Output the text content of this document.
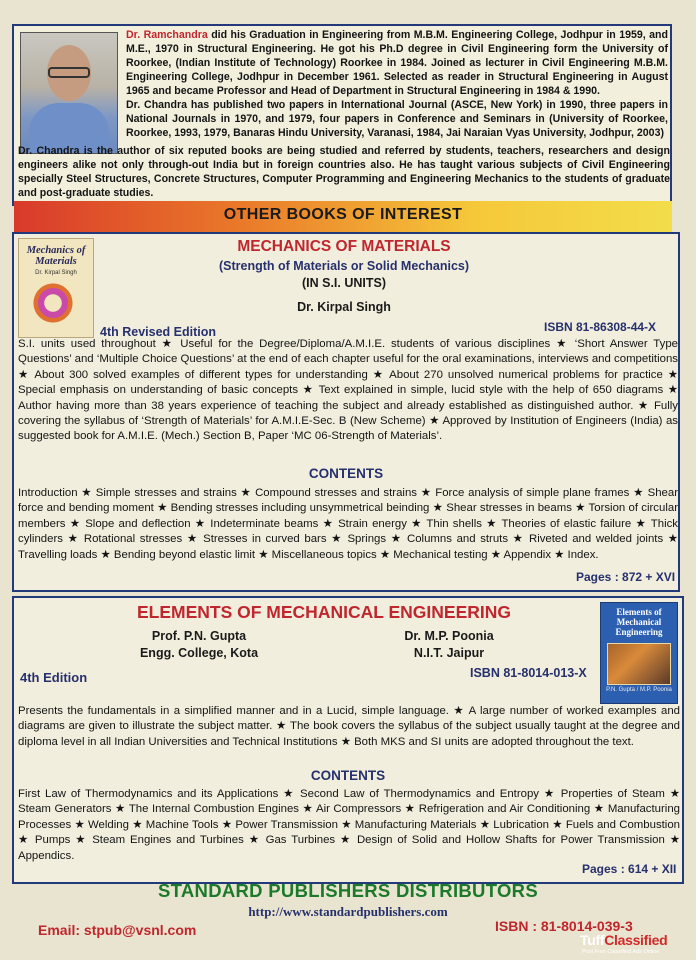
Dr. Ramchandra did his Graduation in Engineering from M.B.M. Engineering College, Jodhpur in 1959, and M.E., 1970 in Structural Engineering. He got his Ph.D degree in Civil Engineering form the University of Roorkee, (Indian Institute of Technology) Roorkee in 1984. Joined as lecturer in Civil Engineering M.B.M. Engineering College, Jodhpur in December 1961. Selected as reader in Structural Engineering in August 1965 and became Professor and Head of Department in Structural Engineering in 1984 & 1990.

Dr. Chandra has published two papers in International Journal (ASCE, New York) in 1990, three papers in National Journals in 1970, and 1979, four papers in Conference and Seminars in (University of Roorkee, Roorkee, 1993, 1979, Banaras Hindu University, Varanasi, 1984, Jai Naraian Vyas University, Jodhpur, 2003)

Dr. Chandra is the author of six reputed books are being studied and referred by students, teachers, researchers and design engineers alike not only through-out India but in foreign countries also. He has taught various subjects of Civil Engineering specially Steel Structures, Concrete Structures, Computer Programming and Engineering Mechanics to the students of graduate and post-graduate studies.

OTHER BOOKS OF INTEREST
Mechanics of Materials
Dr. Kirpal Singh
MECHANICS OF MATERIALS
(Strength of Materials or Solid Mechanics)
(IN S.I. UNITS)
Dr. Kirpal Singh
4th Revised Edition	ISBN 81-86308-44-X

S.I. units used throughout ★ Useful for the Degree/Diploma/A.M.I.E. students of various disciplines ★ ‘Short Answer Type Questions’ and ‘Multiple Choice Questions’ at the end of each chapter useful for the oral examinations, interviews and competitions ★ About 300 solved examples of different types for understanding ★ About 270 unsolved numerical problems for practice ★ Special emphasis on understanding of basic concepts ★ Text explained in simple, lucid style with the help of 650 diagrams ★ Author having more than 38 years experience of teaching the subject and already established as distinguished author. ★ Fully covering the syllabus of ‘Strength of Materials’ for A.M.I.E-Sec. B (New Scheme) ★ Approved by Institution of Engineers (India) as suggested book for A.M.I.E. (Mech.) Section B, Paper ‘MC 06-Strength of Materials’.

CONTENTS

Introduction ★ Simple stresses and strains ★ Compound stresses and strains ★ Force analysis of simple plane frames ★ Shear force and bending moment ★ Bending stresses including unsymmetrical beinding ★ Shear stresses in beams ★ Torsion of circular members ★ Slope and deflection ★ Indeterminate beams ★ Strain energy ★ Thin shells ★ Theories of elastic failure ★ Thick cylinders ★ Rotational stresses ★ Stresses in curved bars ★ Springs ★ Columns and struts ★ Riveted and welded joints ★ Travelling loads ★ Bending beyond elastic limit ★ Miscellaneous topics ★ Mechanical testing ★ Appendix ★ Index.

Pages : 872 + XVI
Elements of Mechanical Engineering
P.N. Gupta / M.P. Poonia
ELEMENTS OF MECHANICAL ENGINEERING
Prof. P.N. Gupta
Engg. College, Kota
Dr. M.P. Poonia
N.I.T. Jaipur
4th Edition	ISBN 81-8014-013-X

Presents the fundamentals in a simplified manner and in a Lucid, simple language. ★ A large number of worked examples and diagrams are given to illustrate the subject matter. ★ The book covers the syllabus of the subject usually taught at the degree and diploma level in all Indian Universities and Technical Institutions ★ Both MKS and SI units are adopted throughout the text.

CONTENTS

First Law of Thermodynamics and its Applications ★ Second Law of Thermodynamics and Entropy ★ Properties of Steam ★ Steam Generators ★ The Internal Combustion Engines ★ Air Compressors ★ Refrigeration and Air Conditioning ★ Manufacturing Processes ★ Welding ★ Machine Tools ★ Power Transmission ★ Manufacturing Materials ★ Lubrication ★ Fuels and Combustion ★ Pumps ★ Steam Engines and Turbines ★ Gas Turbines ★ Design of Solid and Hollow Shafts for Power Transmission ★ Appendics.

Pages : 614 + XII
STANDARD PUBLISHERS DISTRIBUTORS
http://www.standardpublishers.com
Email: stpub@vsnl.com	ISBN : 81-8014-039-3
TuffClassified
Post Free Classified Ads Online
